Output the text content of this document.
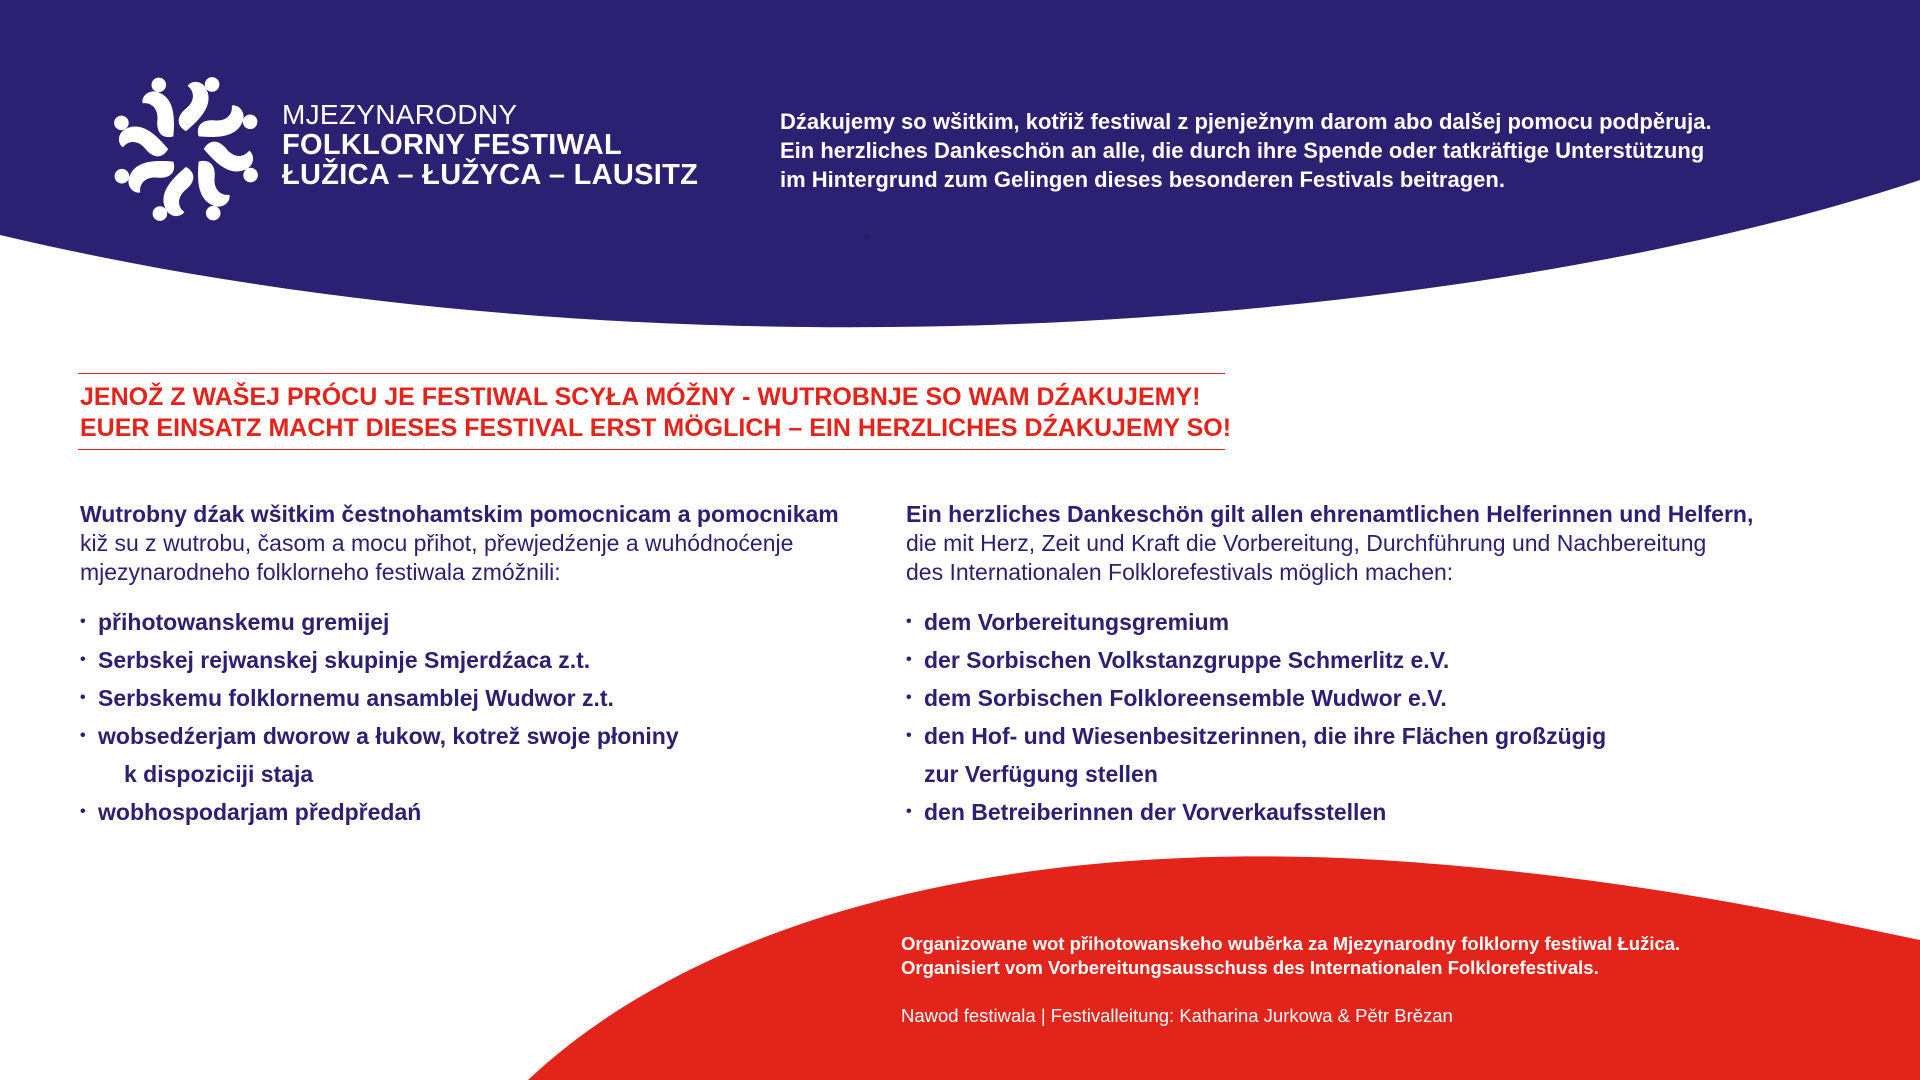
MJEZYNARODNY
FOLKLORNY FESTIWAL
ŁUŽICA – ŁUŽYCA – LAUSITZ
Dźakujemy so wšitkim, kotřiž festiwal z pjenježnym darom abo dalšej pomocu podpěruja.
Ein herzliches Dankeschön an alle, die durch ihre Spende oder tatkräftige Unterstützung
im Hintergrund zum Gelingen dieses besonderen Festivals beitragen.
ˇ
JENOŽ Z WAŠEJ PRÓCU JE FESTIWAL SCYŁA MÓŽNY - WUTROBNJE SO WAM DŹAKUJEMY!
EUER EINSATZ MACHT DIESES FESTIVAL ERST MÖGLICH – EIN HERZLICHES DŹAKUJEMY SO!
Wutrobny dźak wšitkim čestnohamtskim pomocnicam a pomocnikam
kiž su z wutrobu, časom a mocu přihot, přewjedźenje a wuhódnoćenje
mjezynarodneho folklorneho festiwala zmóžnili:
• přihotowanskemu gremijej
• Serbskej rejwanskej skupinje Smjerdźaca z.t.
• Serbskemu folklornemu ansamblej Wudwor z.t.
• wobsedźerjam dworow a łukow, kotrež swoje płoniny
k dispoziciji staja
• wobhospodarjam předpředań
Ein herzliches Dankeschön gilt allen ehrenamtlichen Helferinnen und Helfern,
die mit Herz, Zeit und Kraft die Vorbereitung, Durchführung und Nachbereitung
des Internationalen Folklorefestivals möglich machen:
• dem Vorbereitungsgremium
• der Sorbischen Volkstanzgruppe Schmerlitz e.V.
• dem Sorbischen Folkloreensemble Wudwor e.V.
• den Hof- und Wiesenbesitzerinnen, die ihre Flächen großzügig
zur Verfügung stellen
• den Betreiberinnen der Vorverkaufsstellen
Organizowane wot přihotowanskeho wuběrka za Mjezynarodny folklorny festiwal Łužica.
Organisiert vom Vorbereitungsausschuss des Internationalen Folklorefestivals.
Nawod festiwala | Festivalleitung: Katharina Jurkowa & Pětr Brězan
